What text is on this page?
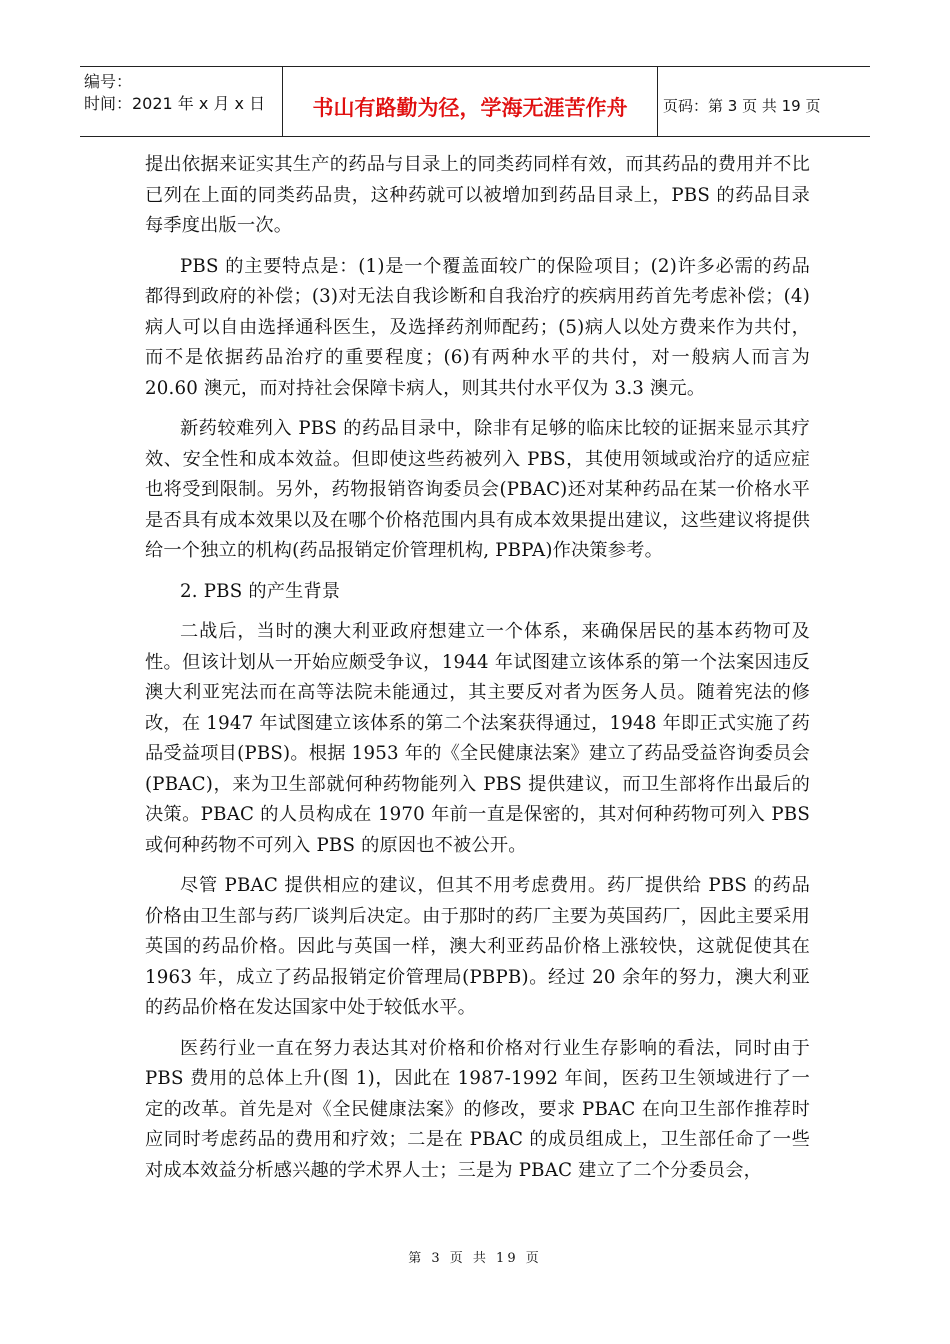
编号：
时间：2021 年 x 月 x 日	书山有路勤为径，学海无涯苦作舟	页码：第 3 页 共 19 页

提出依据来证实其生产的药品与目录上的同类药同样有效，而其药品的费用并不比已列在上面的同类药品贵，这种药就可以被增加到药品目录上，PBS 的药品目录每季度出版一次。

PBS 的主要特点是：(1)是一个覆盖面较广的保险项目；(2)许多必需的药品都得到政府的补偿；(3)对无法自我诊断和自我治疗的疾病用药首先考虑补偿；(4)病人可以自由选择通科医生，及选择药剂师配药；(5)病人以处方费来作为共付，而不是依据药品治疗的重要程度；(6)有两种水平的共付，对一般病人而言为 20.60 澳元，而对持社会保障卡病人，则其共付水平仅为 3.3 澳元。

新药较难列入 PBS 的药品目录中，除非有足够的临床比较的证据来显示其疗效、安全性和成本效益。但即使这些药被列入 PBS，其使用领域或治疗的适应症也将受到限制。另外，药物报销咨询委员会(PBAC)还对某种药品在某一价格水平是否具有成本效果以及在哪个价格范围内具有成本效果提出建议，这些建议将提供给一个独立的机构(药品报销定价管理机构, PBPA)作决策参考。

2. PBS 的产生背景

二战后，当时的澳大利亚政府想建立一个体系，来确保居民的基本药物可及性。但该计划从一开始应颇受争议，1944 年试图建立该体系的第一个法案因违反澳大利亚宪法而在高等法院未能通过，其主要反对者为医务人员。随着宪法的修改，在 1947 年试图建立该体系的第二个法案获得通过，1948 年即正式实施了药品受益项目(PBS)。根据 1953 年的《全民健康法案》建立了药品受益咨询委员会(PBAC)，来为卫生部就何种药物能列入 PBS 提供建议，而卫生部将作出最后的决策。PBAC 的人员构成在 1970 年前一直是保密的，其对何种药物可列入 PBS 或何种药物不可列入 PBS 的原因也不被公开。

尽管 PBAC 提供相应的建议，但其不用考虑费用。药厂提供给 PBS 的药品价格由卫生部与药厂谈判后决定。由于那时的药厂主要为英国药厂，因此主要采用英国的药品价格。因此与英国一样，澳大利亚药品价格上涨较快，这就促使其在 1963 年，成立了药品报销定价管理局(PBPB)。经过 20 余年的努力，澳大利亚的药品价格在发达国家中处于较低水平。

医药行业一直在努力表达其对价格和价格对行业生存影响的看法，同时由于 PBS 费用的总体上升(图 1)，因此在 1987-1992 年间，医药卫生领域进行了一定的改革。首先是对《全民健康法案》的修改，要求 PBAC 在向卫生部作推荐时应同时考虑药品的费用和疗效；二是在 PBAC 的成员组成上，卫生部任命了一些对成本效益分析感兴趣的学术界人士；三是为 PBAC 建立了二个分委员会，

第 3 页 共 19 页
